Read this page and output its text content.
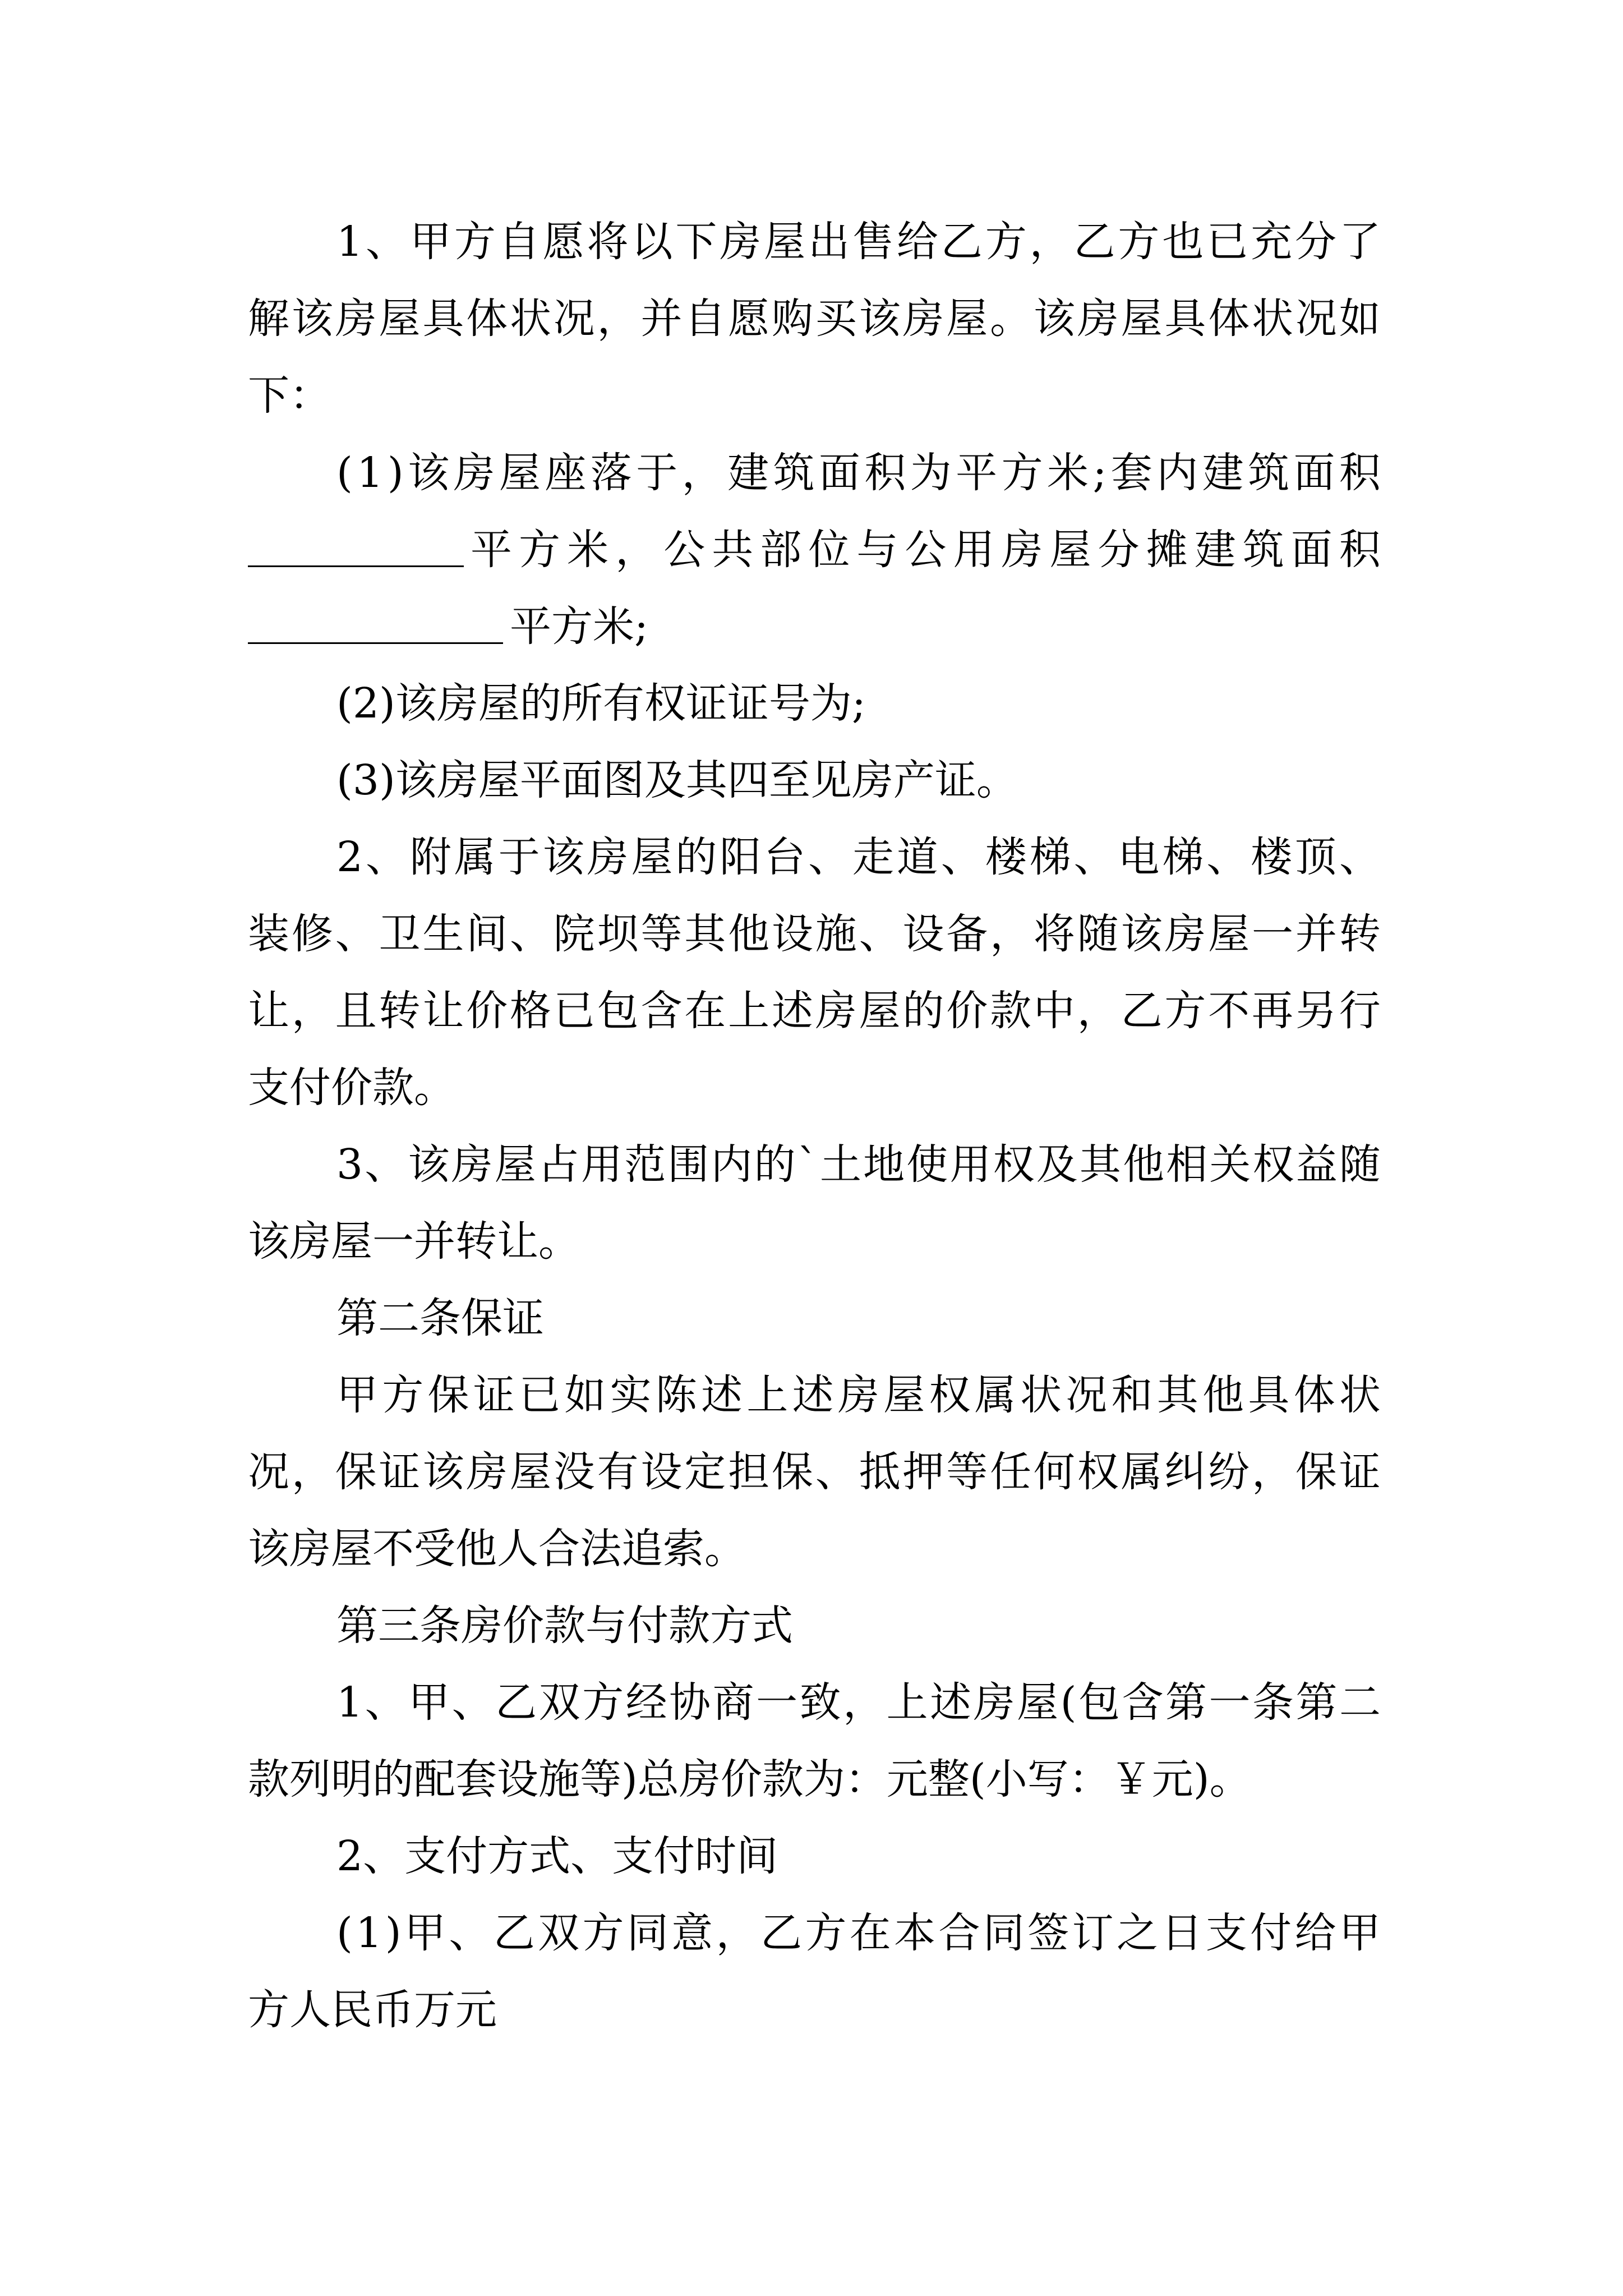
1 、 甲 方 自 愿 将 以 下 房 屋 出 售 给 乙 方 ， 乙 方 也 已 充 分 了
解 该 房 屋 具 体 状 况 ， 并 自 愿 购 买 该 房 屋 。 该 房 屋 具 体 状 况 如
下：
( 1 ) 该 房 屋 座 落 于 ， 建 筑 面 积 为 平 方 米 ; 套 内 建 筑 面 积
平 方 米 ， 公 共 部 位 与 公 用 房 屋 分 摊 建 筑 面 积
平方米;
(2)该房屋的所有权证证号为;
(3)该房屋平面图及其四至见房产证。
2 、 附 属 于 该 房 屋 的 阳 台 、 走 道 、 楼 梯 、 电 梯 、 楼 顶 、
装 修 、 卫 生 间 、 院 坝 等 其 他 设 施 、 设 备 ， 将 随 该 房 屋 一 并 转
让 ， 且 转 让 价 格 已 包 含 在 上 述 房 屋 的 价 款 中 ， 乙 方 不 再 另 行
支付价款。
3 、 该 房 屋 占 用 范 围 内 的 ` 土 地 使 用 权 及 其 他 相 关 权 益 随
该房屋一并转让。
第二条保证
甲 方 保 证 已 如 实 陈 述 上 述 房 屋 权 属 状 况 和 其 他 具 体 状
况 ， 保 证 该 房 屋 没 有 设 定 担 保 、 抵 押 等 任 何 权 属 纠 纷 ， 保 证
该房屋不受他人合法追索。
第三条房价款与付款方式
1 、 甲 、 乙 双 方 经 协 商 一 致 ， 上 述 房 屋 ( 包 含 第 一 条 第 二
款列明的配套设施等)总房价款为：元整(小写：￥元)。
2、支付方式、支付时间
( 1 ) 甲 、 乙 双 方 同 意 ， 乙 方 在 本 合 同 签 订 之 日 支 付 给 甲
方人民币万元
